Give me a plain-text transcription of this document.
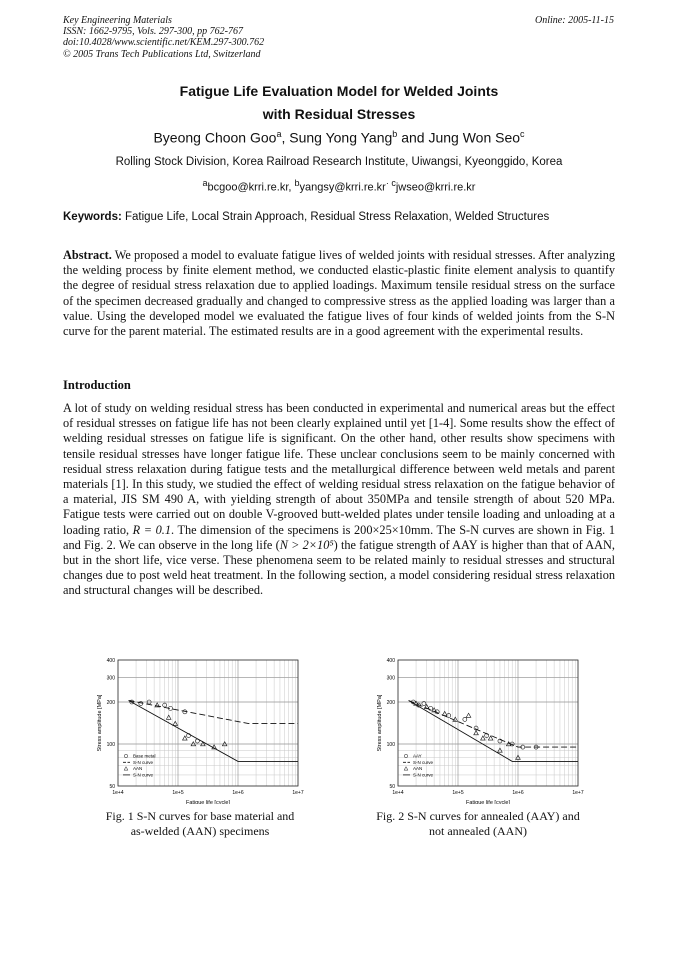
Key Engineering Materials
ISSN: 1662-9795, Vols. 297-300, pp 762-767
doi:10.4028/www.scientific.net/KEM.297-300.762
© 2005 Trans Tech Publications Ltd, Switzerland
Online: 2005-11-15
Fatigue Life Evaluation Model for Welded Joints
with Residual Stresses
Byeong Choon Goo$^a$, Sung Yong Yang$^b$ and Jung Won Seo$^c$
Rolling Stock Division, Korea Railroad Research Institute, Uiwangsi, Kyeonggido, Korea
$^a$bcgoo@krri.re.kr, $^byangsy@krri.re.kr^{\cdot c}jwseo@krri.re.kr$
Keywords: Fatigue Life, Local Strain Approach, Residual Stress Relaxation, Welded Structures
Abstract. We proposed a model to evaluate fatigue lives of welded joints with residual stresses. After analyzing the welding process by finite element method, we conducted elastic-plastic finite element analysis to quantify the degree of residual stress relaxation due to applied loadings. Maximum tensile residual stress on the surface of the specimen decreased gradually and changed to compressive stress as the applied loading was larger than a value. Using the developed model we evaluated the fatigue lives of four kinds of welded joints from the S-N curve for the parent material. The estimated results are in a good agreement with the experimental results.
Introduction
A lot of study on welding residual stress has been conducted in experimental and numerical areas but the effect of residual stresses on fatigue life has not been clearly explained until yet [1-4]. Some results show the effect of welding residual stresses on fatigue life is significant. On the other hand, other results show specimens with tensile residual stresses have longer fatigue life. These unclear conclusions seem to be mainly concerned with residual stress relaxation during fatigue tests and the metallurgical difference between weld metals and parent materials [1]. In this study, we studied the effect of welding residual stress relaxation on the fatigue behavior of a material, JIS SM 490 A, with yielding strength of about 350MPa and tensile strength of about 520 MPa. Fatigue tests were carried out on double V-grooved butt-welded plates under tensile loading and unloading at a loading ratio, R = 0.1. The dimension of the specimens is 200×25×10mm. The S-N curves are shown in Fig. 1 and Fig. 2. We can observe in the long life (N > 2×10⁵) the fatigue strength of AAY is higher than that of AAN, but in the short life, vice verse. These phenomena seem to be related mainly to residual stresses and structural changes due to post weld heat treatment. In the following section, a model considering residual stress relaxation and structural changes will be described.
50
100
200
300
400
1e+4	1e+5	1e+6	1e+7
Fatigue life [cycle]
Stress amplitude [MPa]
Base metal
S-N curve
AAN
S-N curve
50
100
200
300
400
1e+4	1e+5	1e+6	1e+7
Fatigue life [cycle]
Stress amplitude [MPa]
AAY
S-N curve
AAN
S-N curve
Fig. 1 S-N curves for base material and
as-welded (AAN) specimens
Fig. 2 S-N curves for annealed (AAY) and
not annealed (AAN)
